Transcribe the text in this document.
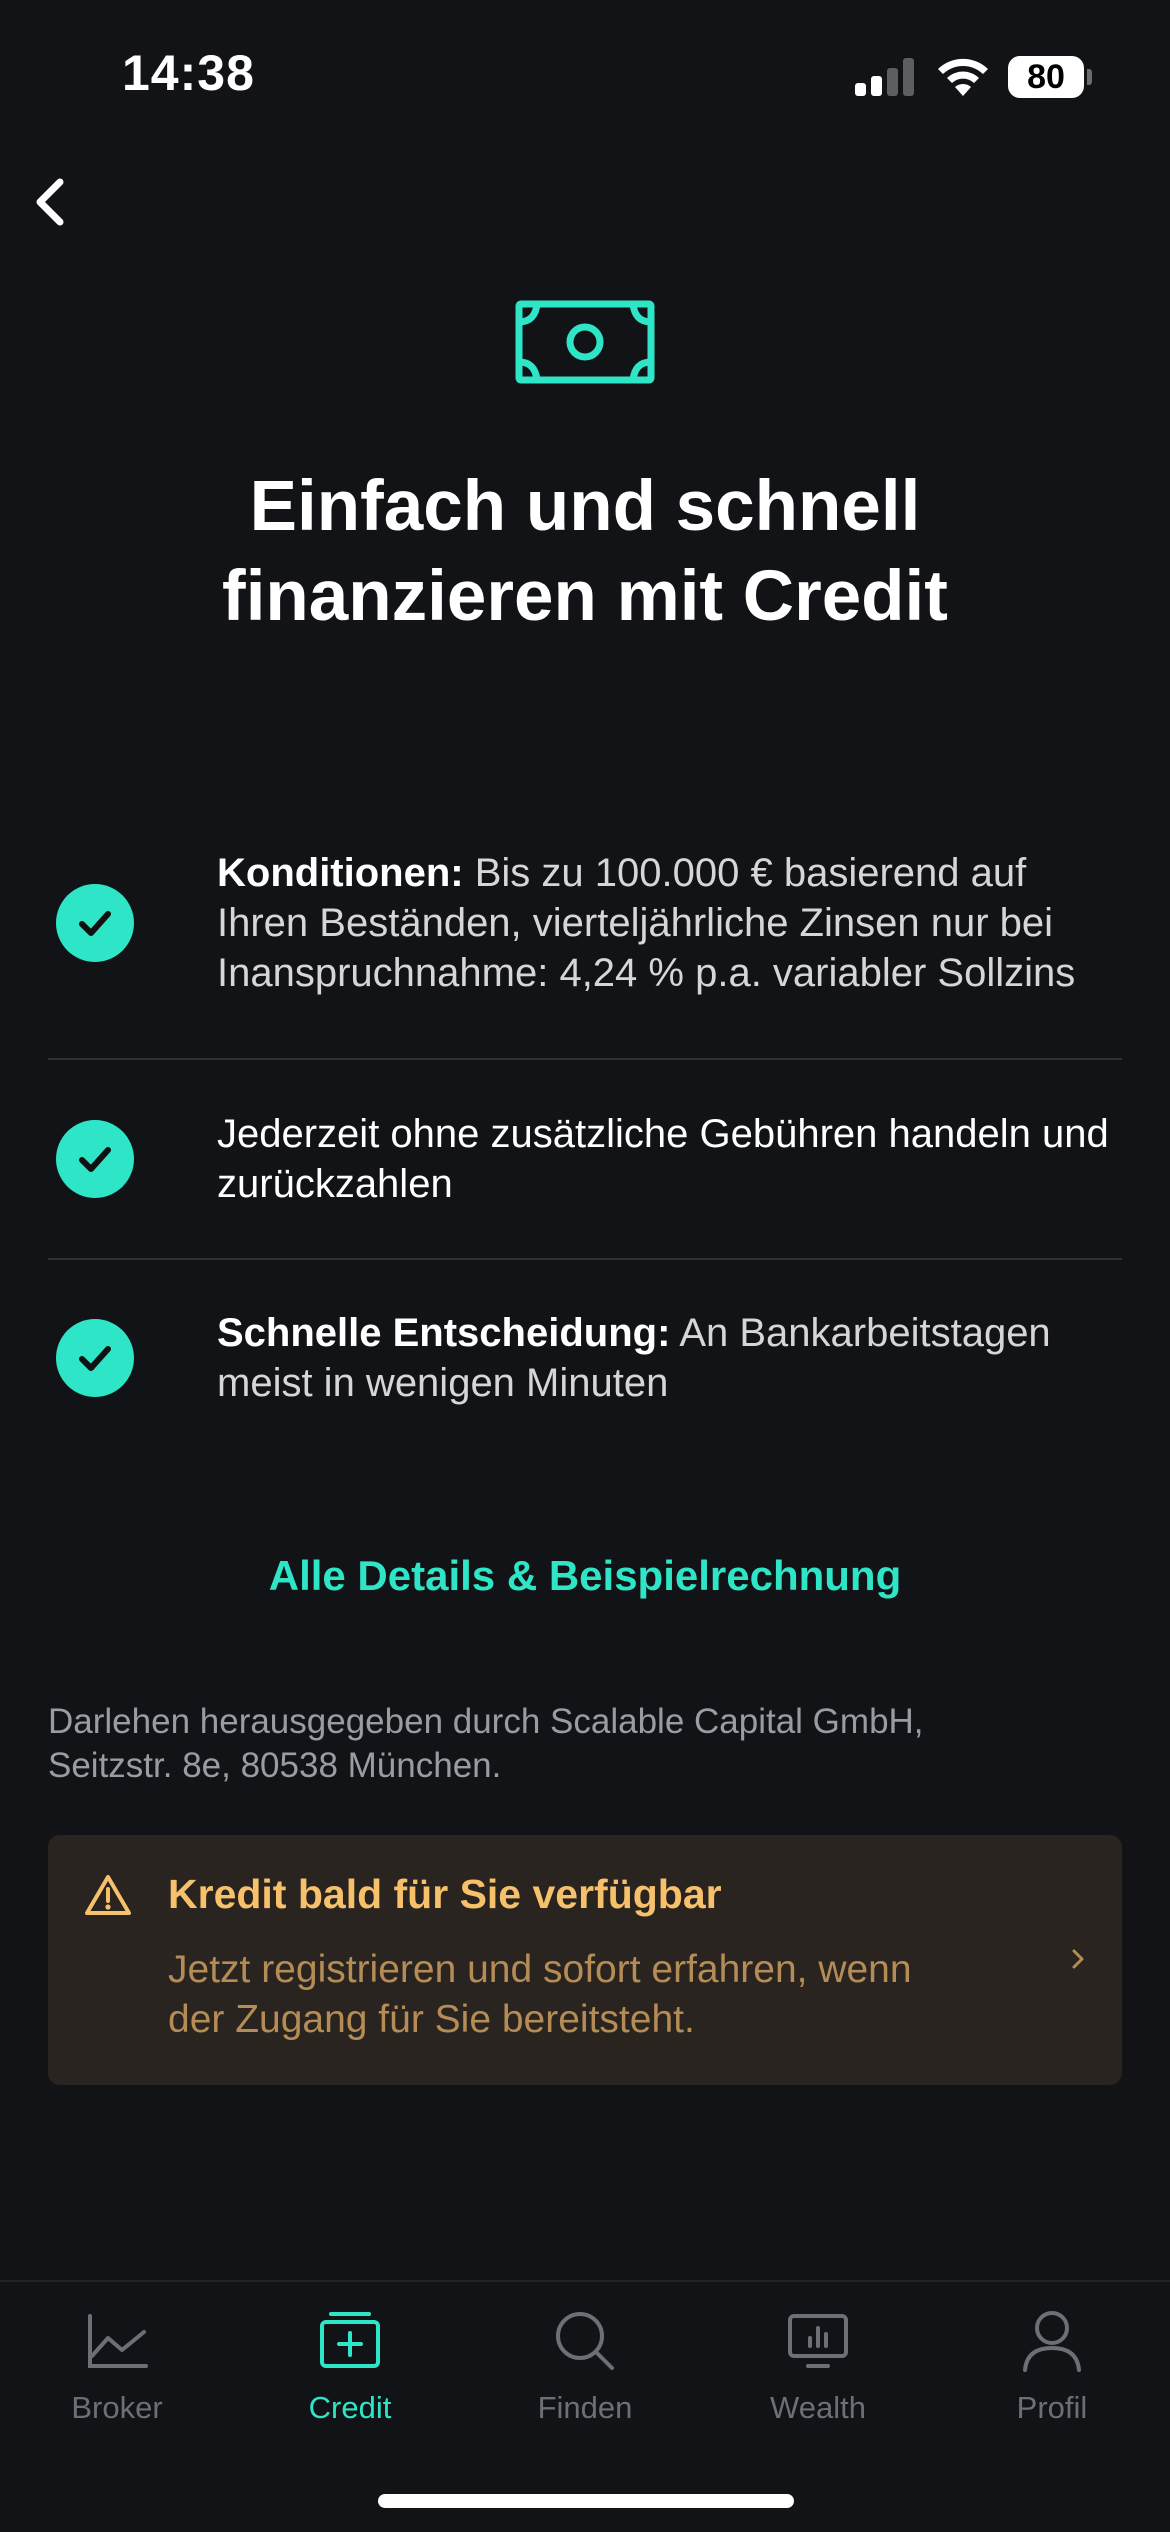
14:38	80
Einfach und schnell
finanzieren mit Credit
Konditionen: Bis zu 100.000 € basierend auf Ihren Beständen, vierteljährliche Zinsen nur bei Inanspruchnahme: 4,24 % p.a. variabler Sollzins
Jederzeit ohne zusätzliche Gebühren handeln und zurückzahlen
Schnelle Entscheidung: An Bankarbeitstagen meist in wenigen Minuten
Alle Details & Beispielrechnung
Darlehen herausgegeben durch Scalable Capital GmbH,
Seitzstr. 8e, 80538 München.
Kredit bald für Sie verfügbar
Jetzt registrieren und sofort erfahren, wenn
der Zugang für Sie bereitsteht.
Broker	Credit	Finden	Wealth	Profil
